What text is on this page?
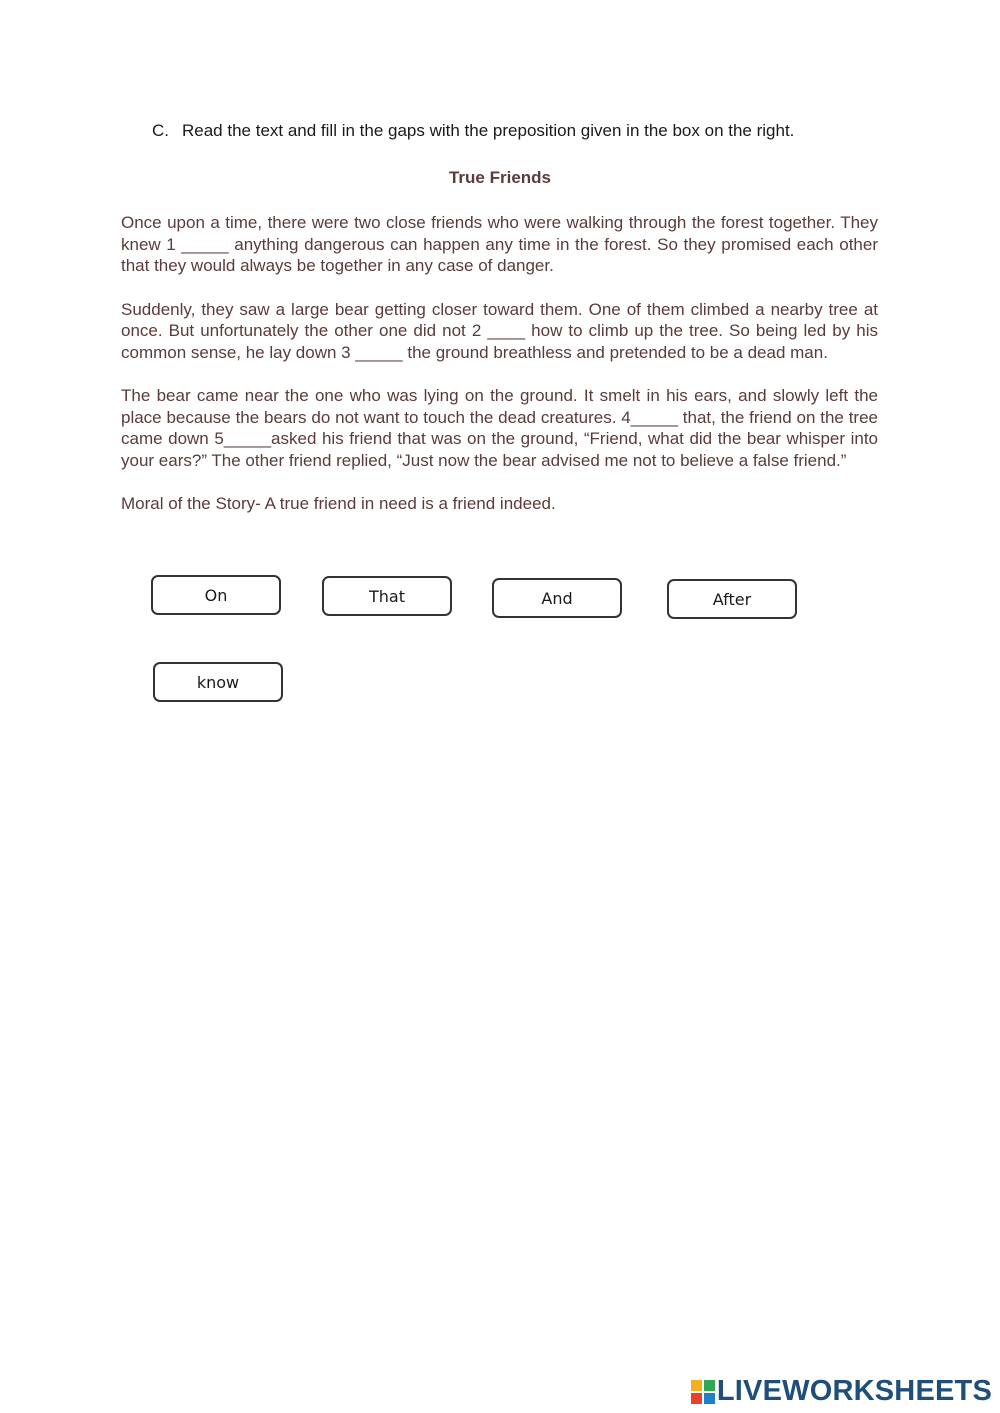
C. Read the text and fill in the gaps with the preposition given in the box on the right.
True Friends

Once upon a time, there were two close friends who were walking through the forest together. They knew 1 _____ anything dangerous can happen any time in the forest. So they promised each other that they would always be together in any case of danger.

Suddenly, they saw a large bear getting closer toward them. One of them climbed a nearby tree at once. But unfortunately the other one did not 2 ____ how to climb up the tree. So being led by his common sense, he lay down 3 _____ the ground breathless and pretended to be a dead man.

The bear came near the one who was lying on the ground. It smelt in his ears, and slowly left the place because the bears do not want to touch the dead creatures. 4_____ that, the friend on the tree came down 5_____asked his friend that was on the ground, “Friend, what did the bear whisper into your ears?” The other friend replied, “Just now the bear advised me not to believe a false friend.”

Moral of the Story- A true friend in need is a friend indeed.

On	That	And	After
know
LIVEWORKSHEETS
